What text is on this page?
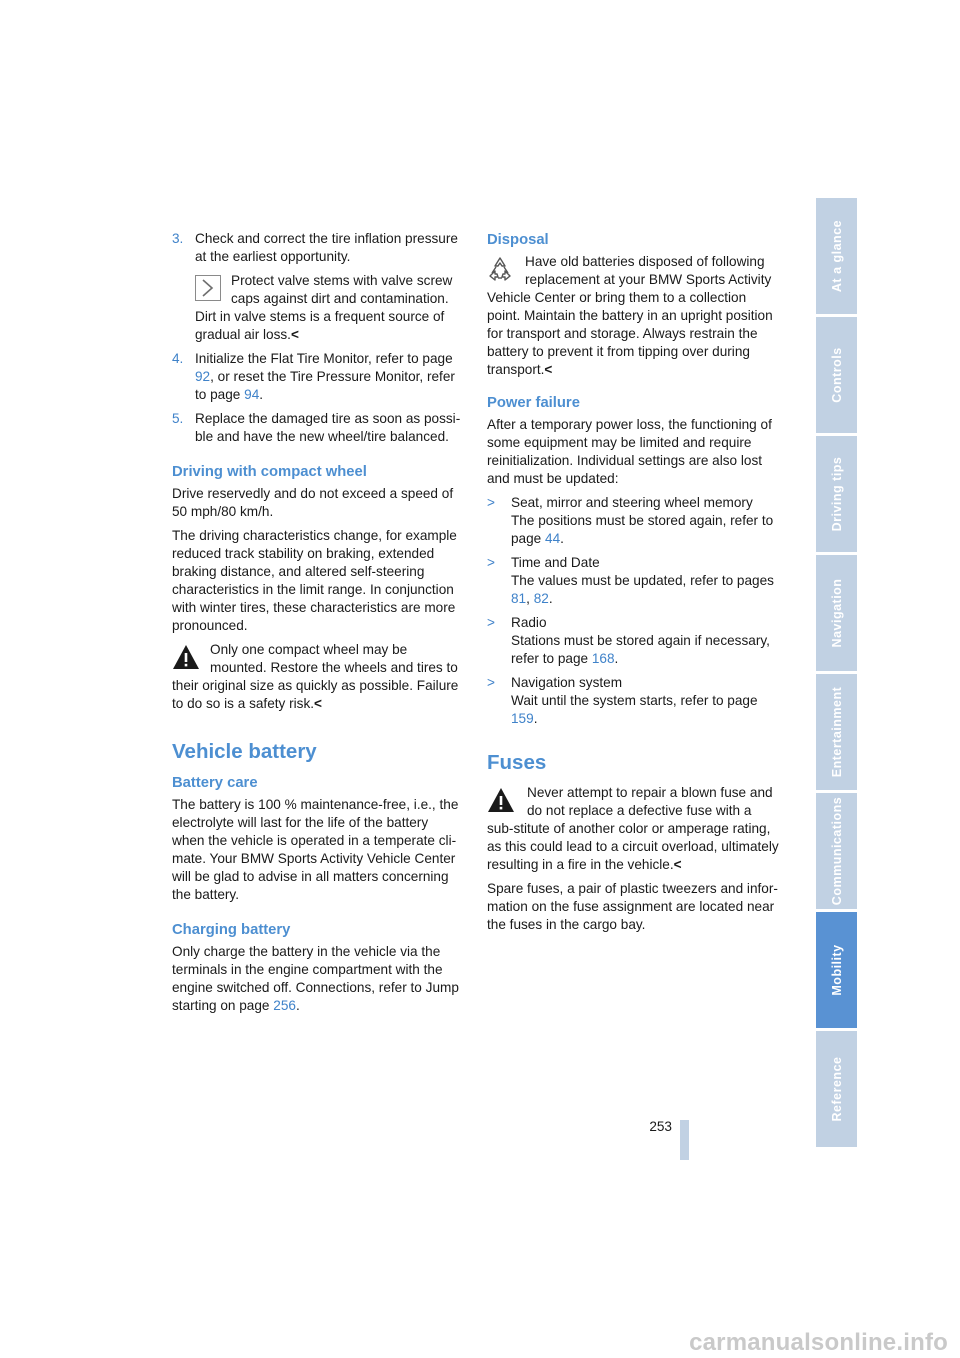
3. Check and correct the tire inflation pressure at the earliest opportunity.
Protect valve stems with valve screw caps against dirt and contamination. Dirt in valve stems is a frequent source of gradual air loss.<
4. Initialize the Flat Tire Monitor, refer to page 92, or reset the Tire Pressure Monitor, refer to page 94.
5. Replace the damaged tire as soon as possi-ble and have the new wheel/tire balanced.
Driving with compact wheel

Drive reservedly and do not exceed a speed of 50 mph/80 km/h.

The driving characteristics change, for example reduced track stability on braking, extended braking distance, and altered self-steering characteristics in the limit range. In conjunction with winter tires, these characteristics are more pronounced.

Only one compact wheel may be mounted. Restore the wheels and tires to their original size as quickly as possible. Failure to do so is a safety risk.<
Vehicle battery
Battery care

The battery is 100 % maintenance-free, i.e., the electrolyte will last for the life of the battery when the vehicle is operated in a temperate cli-mate. Your BMW Sports Activity Vehicle Center will be glad to advise in all matters concerning the battery.

Charging battery

Only charge the battery in the vehicle via the terminals in the engine compartment with the engine switched off. Connections, refer to Jump starting on page 256.

Disposal
Have old batteries disposed of following replacement at your BMW Sports Activity Vehicle Center or bring them to a collection point. Maintain the battery in an upright position for transport and storage. Always restrain the battery to prevent it from tipping over during transport.<
Power failure

After a temporary power loss, the functioning of some equipment may be limited and require reinitialization. Individual settings are also lost and must be updated:

> Seat, mirror and steering wheel memory
The positions must be stored again, refer to page 44.
> Time and Date
The values must be updated, refer to pages 81, 82.
> Radio
Stations must be stored again if necessary, refer to page 168.
> Navigation system
Wait until the system starts, refer to page 159.
Fuses
Never attempt to repair a blown fuse and do not replace a defective fuse with a sub-stitute of another color or amperage rating, as this could lead to a circuit overload, ultimately resulting in a fire in the vehicle.<

Spare fuses, a pair of plastic tweezers and infor-mation on the fuse assignment are located near the fuses in the cargo bay.

At a glance
Controls
Driving tips
Navigation
Entertainment
Communications
Mobility
Reference
253
carmanualsonline.info
